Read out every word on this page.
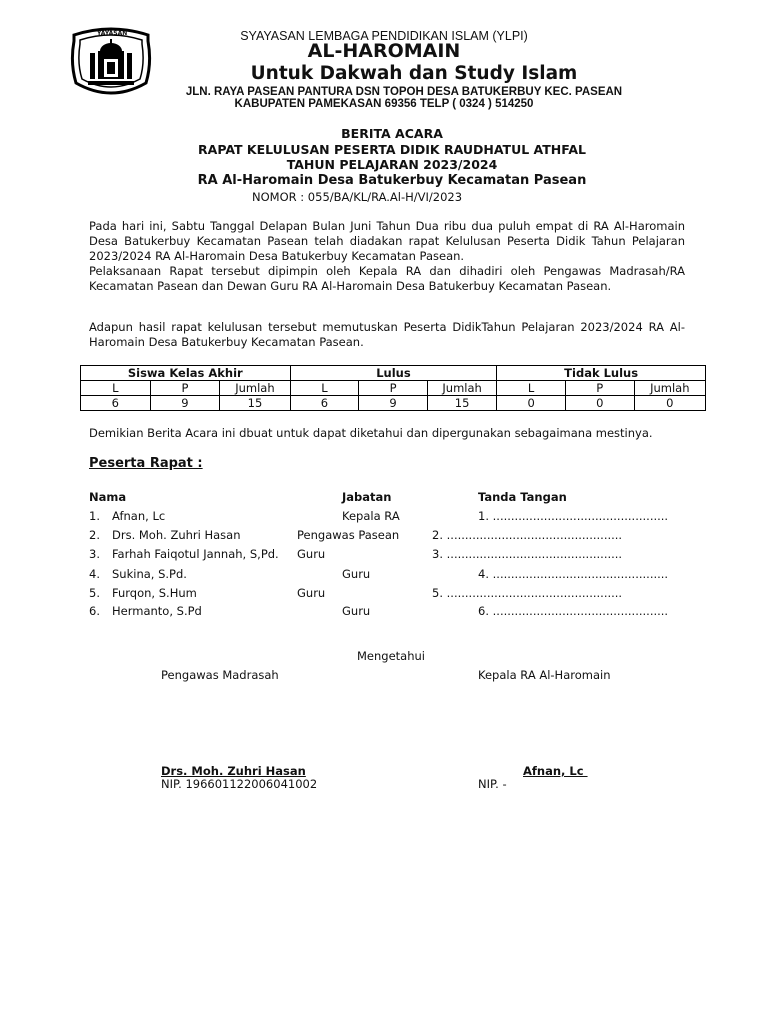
YAYASAN	SYAYASAN LEMBAGA PENDIDIKAN ISLAM (YLPI)
AL-HAROMAIN
Untuk Dakwah dan Study Islam
JLN. RAYA PASEAN PANTURA DSN TOPOH DESA BATUKERBUY KEC. PASEAN
KABUPATEN PAMEKASAN 69356 TELP ( 0324 ) 514250
BERITA ACARA
RAPAT KELULUSAN PESERTA DIDIK RAUDHATUL ATHFAL
TAHUN PELAJARAN 2023/2024
RA Al-Haromain Desa Batukerbuy Kecamatan Pasean
NOMOR : 055/BA/KL/RA.Al-H/VI/2023
Pada hari ini, Sabtu Tanggal Delapan Bulan Juni Tahun Dua ribu dua puluh empat di RA Al-Haromain Desa Batukerbuy Kecamatan Pasean telah diadakan rapat Kelulusan Peserta Didik Tahun Pelajaran 2023/2024 RA Al-Haromain Desa Batukerbuy Kecamatan Pasean.
Pelaksanaan Rapat tersebut dipimpin oleh Kepala RA dan dihadiri oleh Pengawas Madrasah/RA Kecamatan Pasean dan Dewan Guru RA Al-Haromain Desa Batukerbuy Kecamatan Pasean.
Adapun hasil rapat kelulusan tersebut memutuskan Peserta DidikTahun Pelajaran 2023/2024 RA Al-Haromain Desa Batukerbuy Kecamatan Pasean.
Siswa Kelas Akhir			Lulus			Tidak Lulus		
L	P	Jumlah	L	P	Jumlah	L	P	Jumlah
6	9	15	6	9	15	0	0	0
Demikian Berita Acara ini dbuat untuk dapat diketahui dan dipergunakan sebagaimana mestinya.
Peserta Rapat :
Nama	Jabatan	Tanda Tangan
1. Afnan, Lc	Kepala RA	1. ................................................
2. Drs. Moh. Zuhri Hasan	Pengawas Pasean	2. ................................................
3. Farhah Faiqotul Jannah, S,Pd. Guru	3. ................................................
4. Sukina, S.Pd.	Guru	4. ................................................
5. Furqon, S.Hum	Guru	5. ................................................
6. Hermanto, S.Pd	Guru	6. ................................................
Mengetahui
Pengawas Madrasah	Kepala RA Al-Haromain
Drs. Moh. Zuhri Hasan	Afnan, Lc
NIP. 196601122006041002	NIP. -
